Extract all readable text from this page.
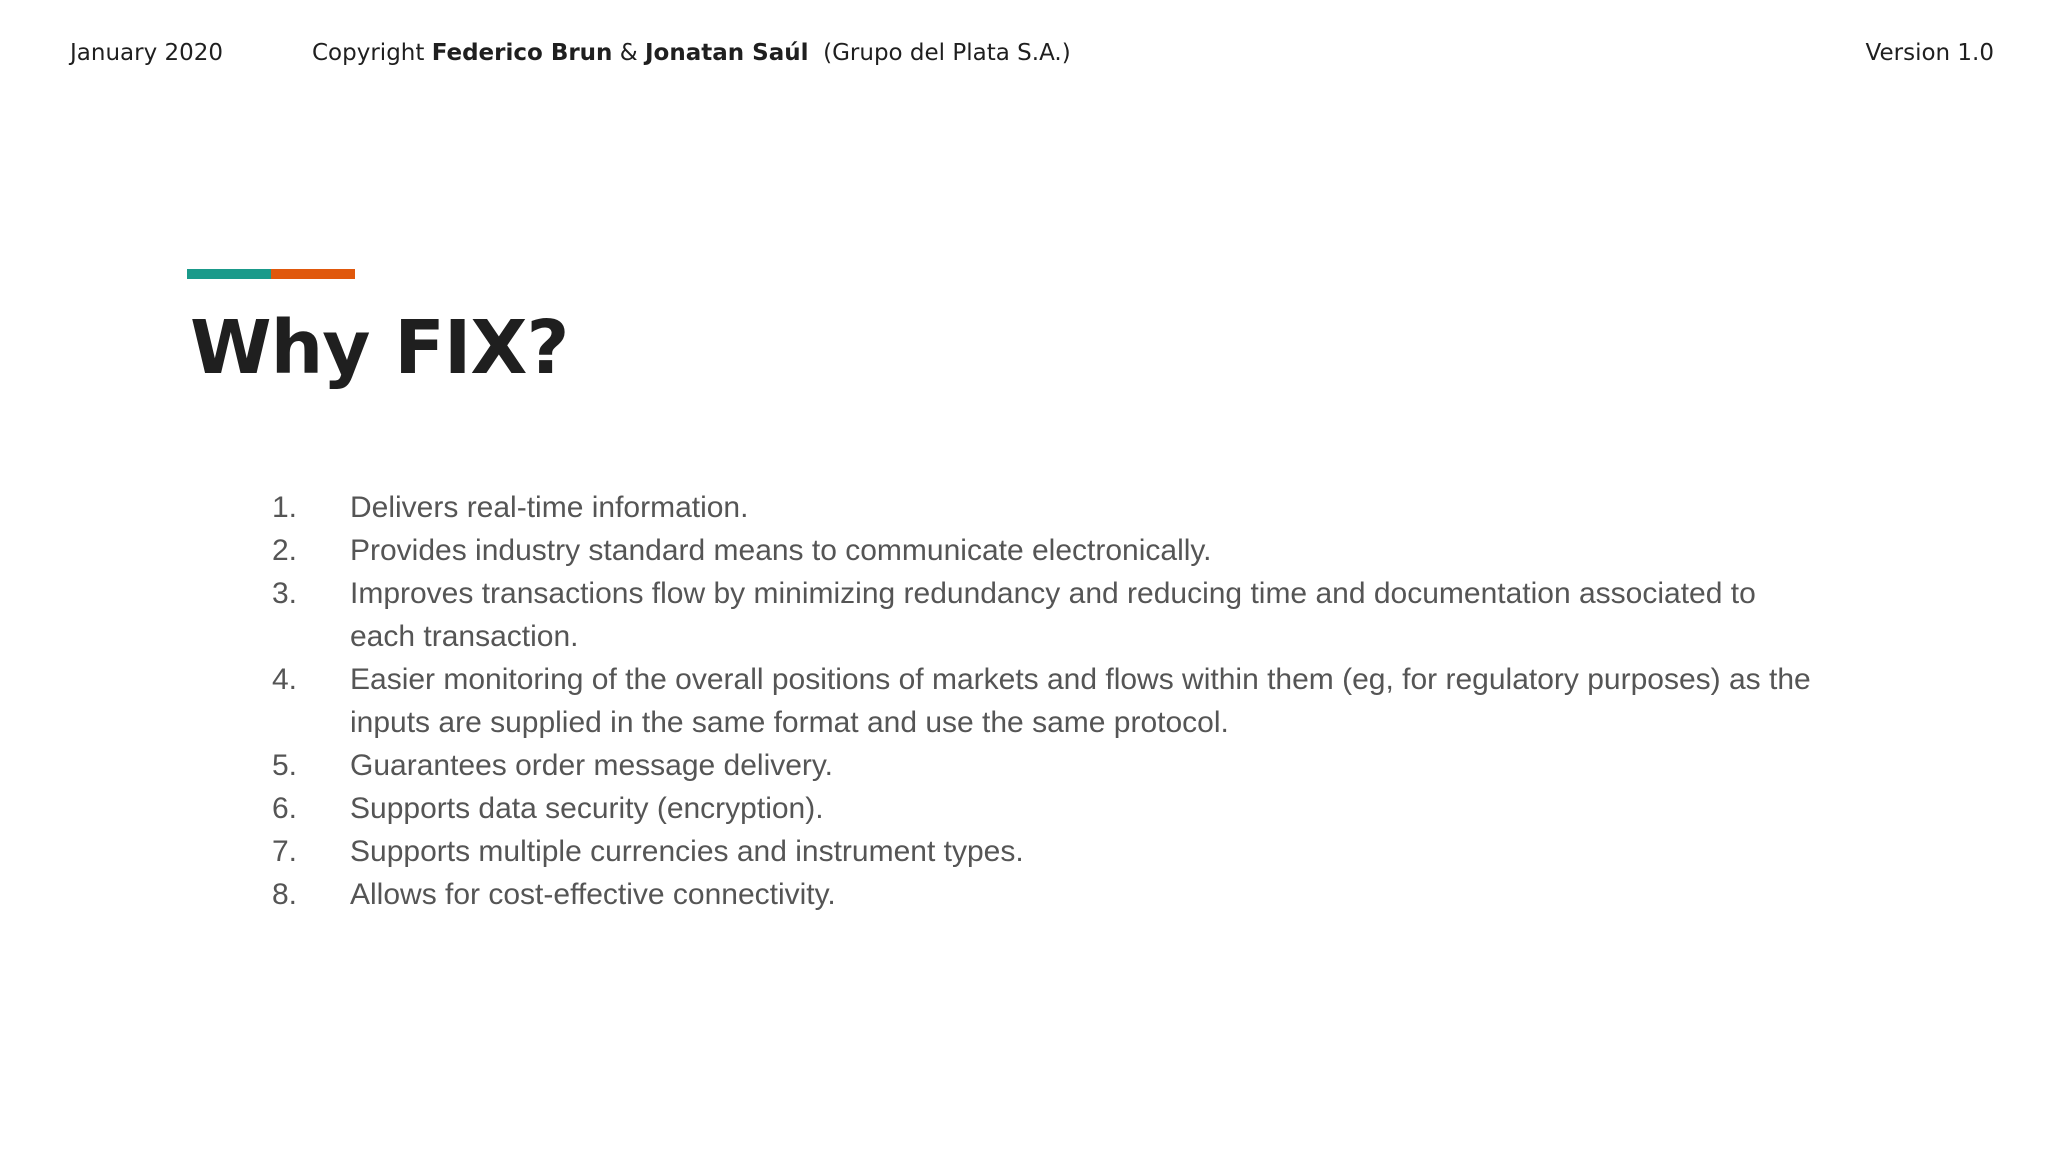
January 2020	Copyright Federico Brun & Jonatan Saúl (Grupo del Plata S.A.)	Version 1.0
Why FIX?
1.	Delivers real-time information.
2.	Provides industry standard means to communicate electronically.
3.	Improves transactions flow by minimizing redundancy and reducing time and documentation associated to each transaction.
4.	Easier monitoring of the overall positions of markets and flows within them (eg, for regulatory purposes) as the inputs are supplied in the same format and use the same protocol.
5.	Guarantees order message delivery.
6.	Supports data security (encryption).
7.	Supports multiple currencies and instrument types.
8.	Allows for cost-effective connectivity.
